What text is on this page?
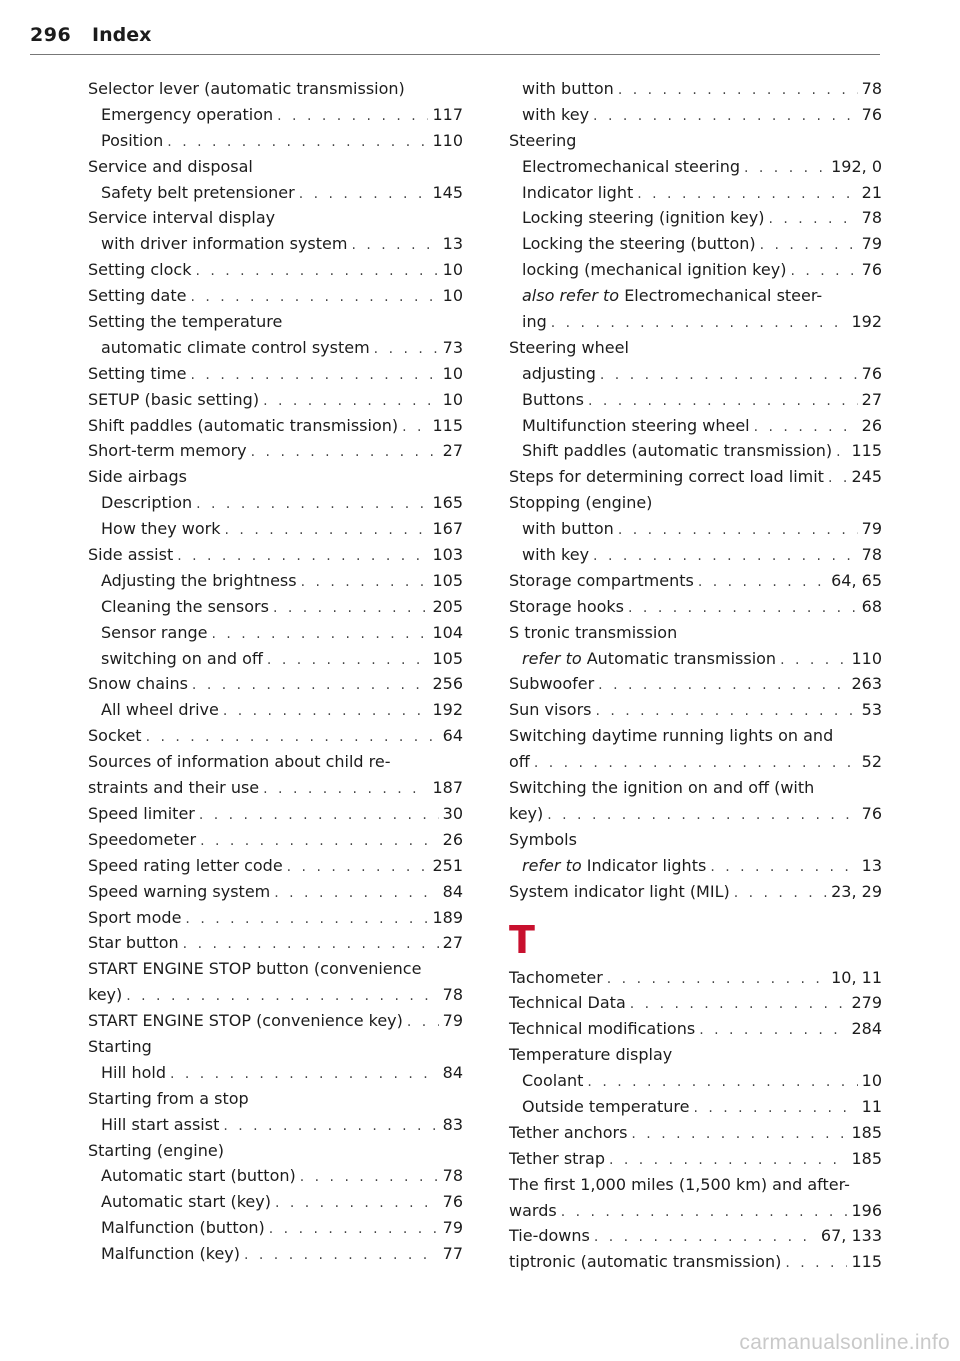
296 Index
Selector lever (automatic transmission)
Emergency operation . . .	117
Position . . .	110
Service and disposal
Safety belt pretensioner . . .	145
Service interval display
with driver information system . . .	13
Setting clock . . .	10
Setting date . . .	10
Setting the temperature
automatic climate control system . . .	73
Setting time . . .	10
SETUP (basic setting) . . .	10
Shift paddles (automatic transmission) . . . 115
Short-term memory . . .	27
Side airbags
Description . . .	165
How they work . . .	167
Side assist . . .	103
Adjusting the brightness . . .	105
Cleaning the sensors . . .	205
Sensor range . . .	104
switching on and off . . .	105
Snow chains . . .	256
All wheel drive . . .	192
Socket . . .	64
Sources of information about child re-
straints and their use . . .	187
Speed limiter . . .	30
Speedometer . . .	26
Speed rating letter code . . .	251
Speed warning system . . .	84
Sport mode . . .	189
Star button . . .	27
START ENGINE STOP button (convenience
key) . . .	78
START ENGINE STOP (convenience key) . . . 79
Starting
Hill hold . . .	84
Starting from a stop
Hill start assist . . .	83
Starting (engine)
Automatic start (button) . . .	78
Automatic start (key) . . .	76
Malfunction (button) . . .	79
Malfunction (key) . . .	77
with button . . .	78
with key . . .	76
Steering
Electromechanical steering . . .	192, 0
Indicator light . . .	21
Locking steering (ignition key) . . .	78
Locking the steering (button) . . .	79
locking (mechanical ignition key) . . .	76
also refer to Electromechanical steer-
ing . . .	192
Steering wheel
adjusting . . .	76
Buttons . . .	27
Multifunction steering wheel . . .	26
Shift paddles (automatic transmission) . . . 115
Steps for determining correct load limit . . . 245
Stopping (engine)
with button . . .	79
with key . . .	78
Storage compartments . . .	64, 65
Storage hooks . . .	68
S tronic transmission
refer to Automatic transmission . . .	110
Subwoofer . . .	263
Sun visors . . .	53
Switching daytime running lights on and
off . . .	52
Switching the ignition on and off (with
key) . . .	76
Symbols
refer to Indicator lights . . .	13
System indicator light (MIL) . . .	23, 29
T
Tachometer . . .	10, 11
Technical Data . . .	279
Technical modifications . . .	284
Temperature display
Coolant . . .	10
Outside temperature . . .	11
Tether anchors . . .	185
Tether strap . . .	185
The first 1,000 miles (1,500 km) and after-
wards . . .	196
Tie-downs . . .	67, 133
tiptronic (automatic transmission) . . .	115
carmanualsonline.info
